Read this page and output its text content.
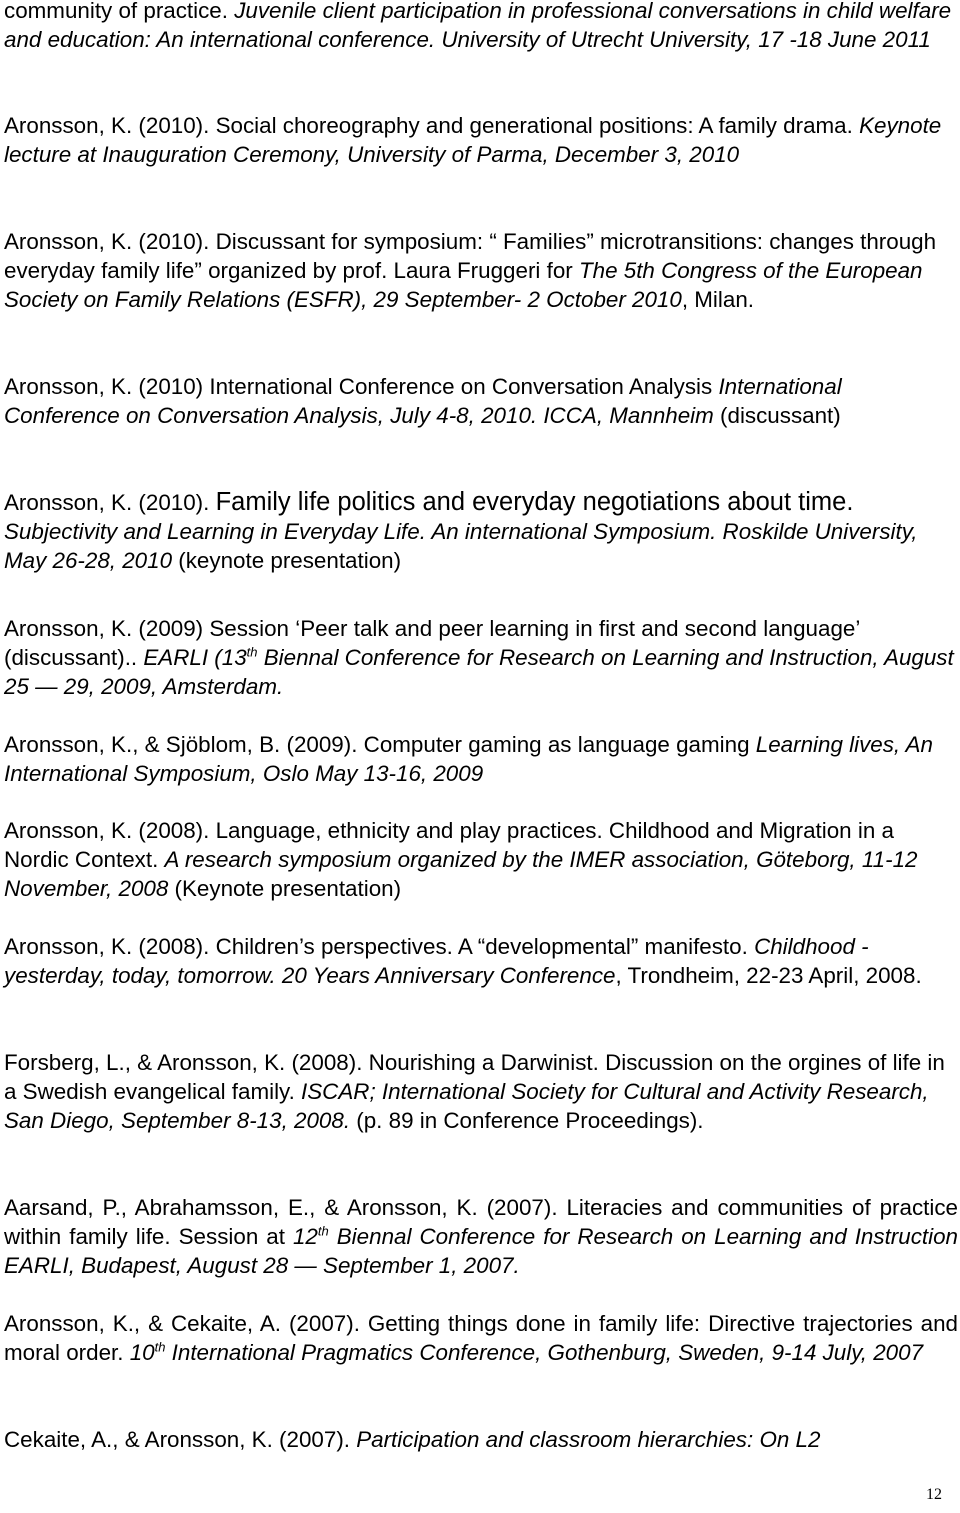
community of practice. Juvenile client participation in professional conversations in child welfare and education: An international conference. University of Utrecht University, 17 -18 June 2011
Aronsson, K. (2010). Social choreography and generational positions: A family drama. Keynote lecture at Inauguration Ceremony, University of Parma, December 3, 2010
Aronsson, K. (2010). Discussant for symposium: “ Families” microtransitions: changes through everyday family life” organized by prof. Laura Fruggeri for The 5th Congress of the European Society on Family Relations (ESFR), 29 September- 2 October 2010, Milan.
Aronsson, K. (2010) International Conference on Conversation Analysis International Conference on Conversation Analysis, July 4-8, 2010. ICCA, Mannheim (discussant)
Aronsson, K. (2010). Family life politics and everyday negotiations about time. Subjectivity and Learning in Everyday Life. An international Symposium. Roskilde University, May 26-28, 2010 (keynote presentation)
Aronsson, K. (2009) Session ‘Peer talk and peer learning in first and second language’ (discussant).. EARLI (13th Biennal Conference for Research on Learning and Instruction, August 25 — 29, 2009, Amsterdam.
Aronsson, K., & Sjöblom, B. (2009). Computer gaming as language gaming Learning lives, An International Symposium, Oslo May 13-16, 2009
Aronsson, K. (2008). Language, ethnicity and play practices. Childhood and Migration in a Nordic Context. A research symposium organized by the IMER association, Göteborg, 11-12 November, 2008 (Keynote presentation)
Aronsson, K. (2008). Children’s perspectives. A “developmental” manifesto. Childhood - yesterday, today, tomorrow. 20 Years Anniversary Conference, Trondheim, 22-23 April, 2008.
Forsberg, L., & Aronsson, K. (2008). Nourishing a Darwinist. Discussion on the orgines of life in a Swedish evangelical family. ISCAR; International Society for Cultural and Activity Research, San Diego, September 8-13, 2008. (p. 89 in Conference Proceedings).
Aarsand, P., Abrahamsson, E., & Aronsson, K. (2007). Literacies and communities of practice within family life. Session at 12th Biennal Conference for Research on Learning and Instruction EARLI, Budapest, August 28 — September 1, 2007.
Aronsson, K., & Cekaite, A. (2007). Getting things done in family life: Directive trajectories and moral order. 10th International Pragmatics Conference, Gothenburg, Sweden, 9-14 July, 2007
Cekaite, A., & Aronsson, K. (2007). Participation and classroom hierarchies: On L2
12
